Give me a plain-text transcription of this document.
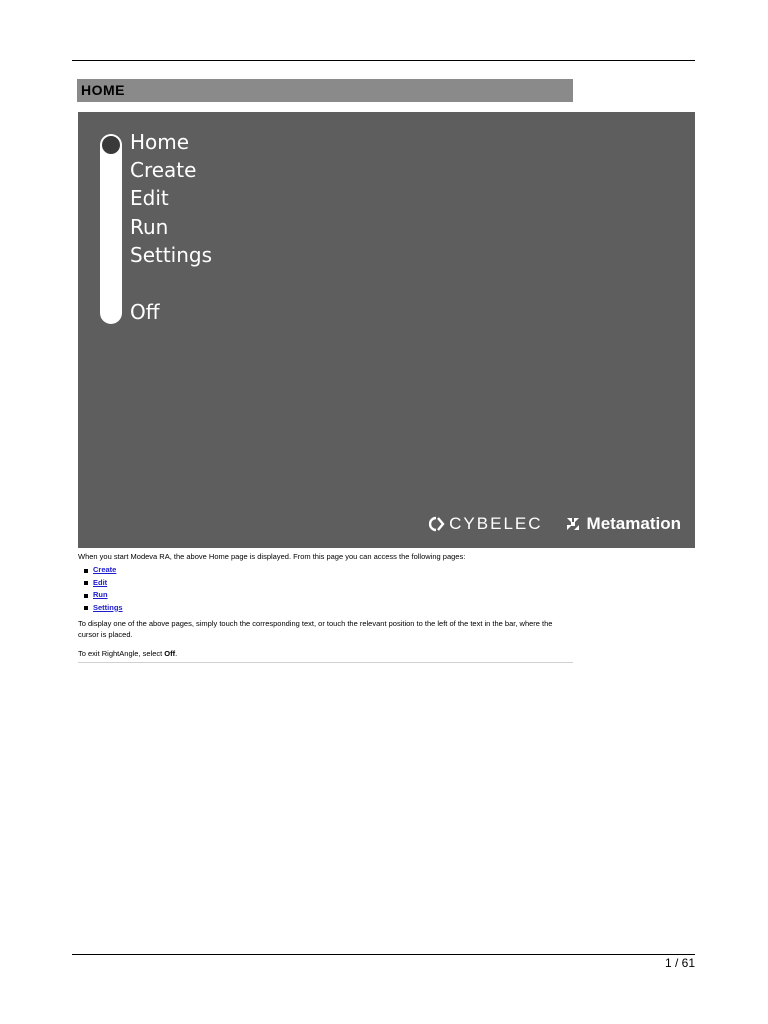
HOME
Home
Create
Edit
Run
Settings
Off
CYBELEC	Metamation

When you start Modeva RA, the above Home page is displayed. From this page you can access the following pages:

Create
Edit
Run
Settings

To display one of the above pages, simply touch the corresponding text, or touch the relevant position to the left of the text in the bar, where the cursor is placed.

To exit RightAngle, select Off.

1 / 61
